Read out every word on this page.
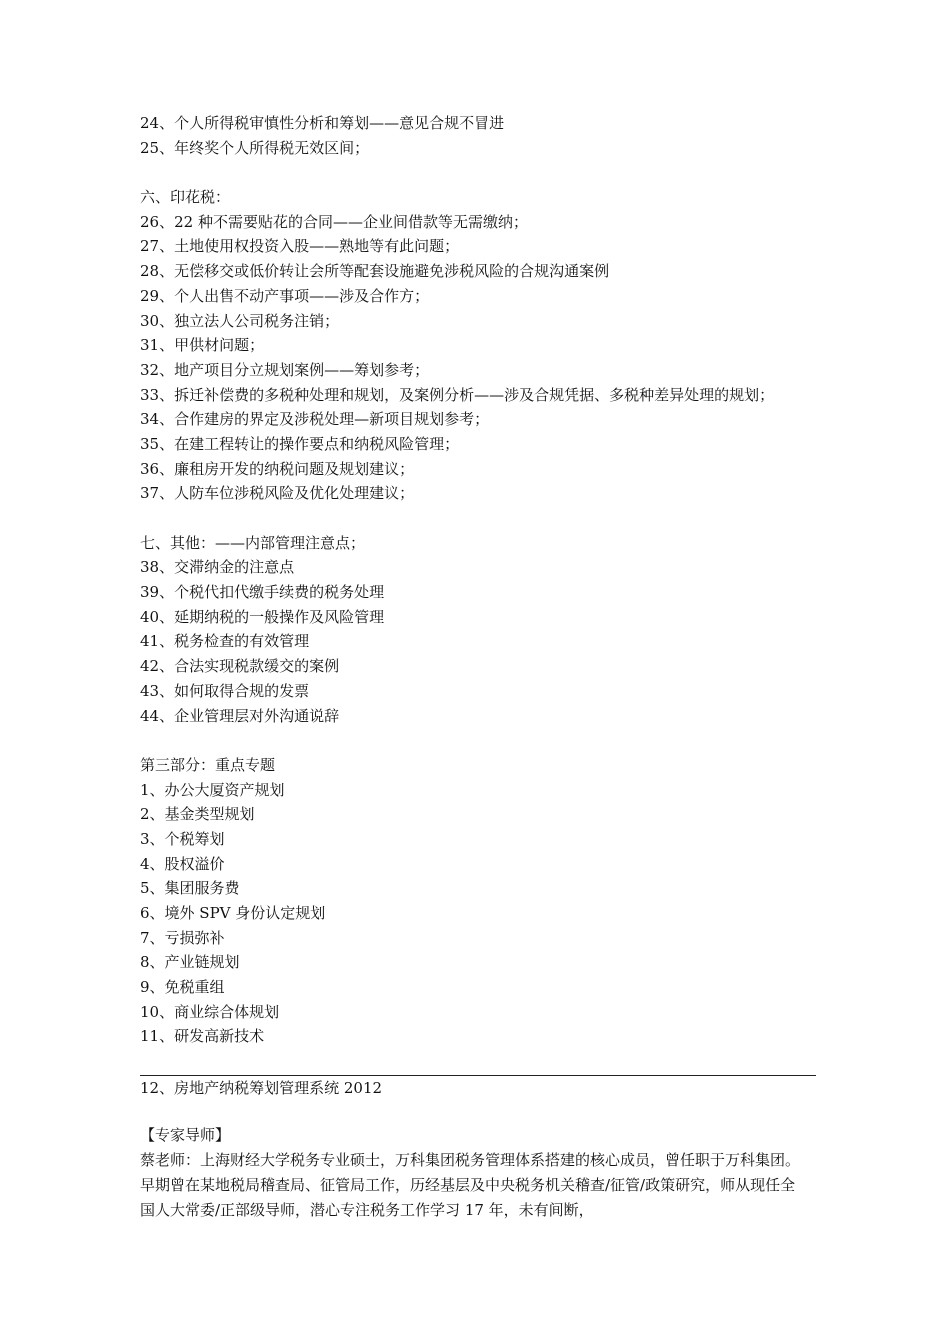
24、个人所得税审慎性分析和筹划——意见合规不冒进
25、年终奖个人所得税无效区间；
六、印花税：
26、22 种不需要贴花的合同——企业间借款等无需缴纳；
27、土地使用权投资入股——熟地等有此问题；
28、无偿移交或低价转让会所等配套设施避免涉税风险的合规沟通案例
29、个人出售不动产事项——涉及合作方；
30、独立法人公司税务注销；
31、甲供材问题；
32、地产项目分立规划案例——筹划参考；
33、拆迁补偿费的多税种处理和规划，及案例分析——涉及合规凭据、多税种差异处理的规划；
34、合作建房的界定及涉税处理—新项目规划参考；
35、在建工程转让的操作要点和纳税风险管理；
36、廉租房开发的纳税问题及规划建议；
37、人防车位涉税风险及优化处理建议；
七、其他：——内部管理注意点；
38、交滞纳金的注意点
39、个税代扣代缴手续费的税务处理
40、延期纳税的一般操作及风险管理
41、税务检查的有效管理
42、合法实现税款缓交的案例
43、如何取得合规的发票
44、企业管理层对外沟通说辞
第三部分：重点专题
1、办公大厦资产规划
2、基金类型规划
3、个税筹划
4、股权溢价
5、集团服务费
6、境外 SPV 身份认定规划
7、亏损弥补
8、产业链规划
9、免税重组
10、商业综合体规划
11、研发高新技术
12、房地产纳税筹划管理系统 2012
【专家导师】
蔡老师：上海财经大学税务专业硕士，万科集团税务管理体系搭建的核心成员，曾任职于万科集团。早期曾在某地税局稽查局、征管局工作，历经基层及中央税务机关稽查/征管/政策研究，师从现任全国人大常委/正部级导师，潜心专注税务工作学习 17 年，未有间断，
